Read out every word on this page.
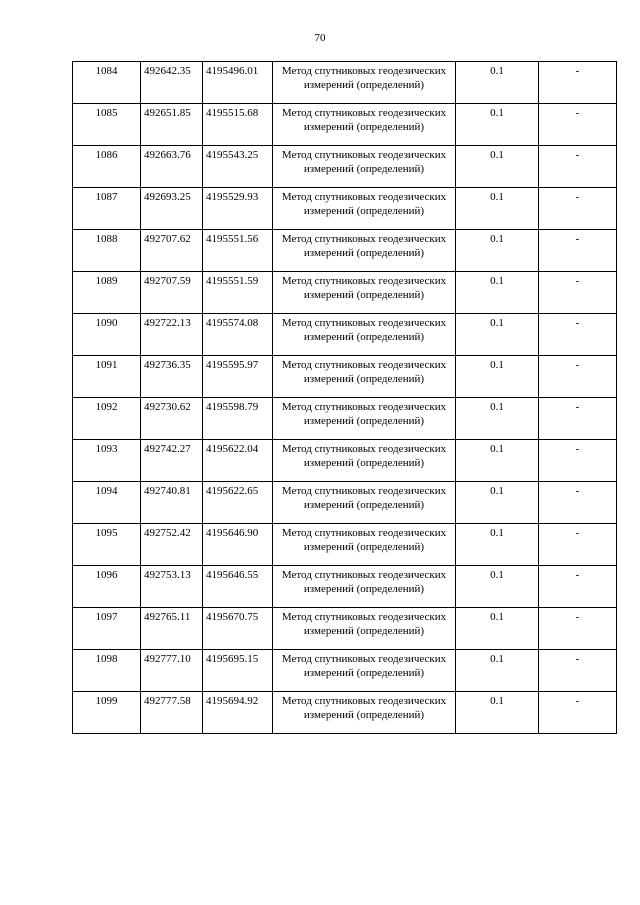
70
1084	492642.35	4195496.01	Метод спутниковых геодезических измерений (определений)	0.1	-
1085	492651.85	4195515.68	Метод спутниковых геодезических измерений (определений)	0.1	-
1086	492663.76	4195543.25	Метод спутниковых геодезических измерений (определений)	0.1	-
1087	492693.25	4195529.93	Метод спутниковых геодезических измерений (определений)	0.1	-
1088	492707.62	4195551.56	Метод спутниковых геодезических измерений (определений)	0.1	-
1089	492707.59	4195551.59	Метод спутниковых геодезических измерений (определений)	0.1	-
1090	492722.13	4195574.08	Метод спутниковых геодезических измерений (определений)	0.1	-
1091	492736.35	4195595.97	Метод спутниковых геодезических измерений (определений)	0.1	-
1092	492730.62	4195598.79	Метод спутниковых геодезических измерений (определений)	0.1	-
1093	492742.27	4195622.04	Метод спутниковых геодезических измерений (определений)	0.1	-
1094	492740.81	4195622.65	Метод спутниковых геодезических измерений (определений)	0.1	-
1095	492752.42	4195646.90	Метод спутниковых геодезических измерений (определений)	0.1	-
1096	492753.13	4195646.55	Метод спутниковых геодезических измерений (определений)	0.1	-
1097	492765.11	4195670.75	Метод спутниковых геодезических измерений (определений)	0.1	-
1098	492777.10	4195695.15	Метод спутниковых геодезических измерений (определений)	0.1	-
1099	492777.58	4195694.92	Метод спутниковых геодезических измерений (определений)	0.1	-
